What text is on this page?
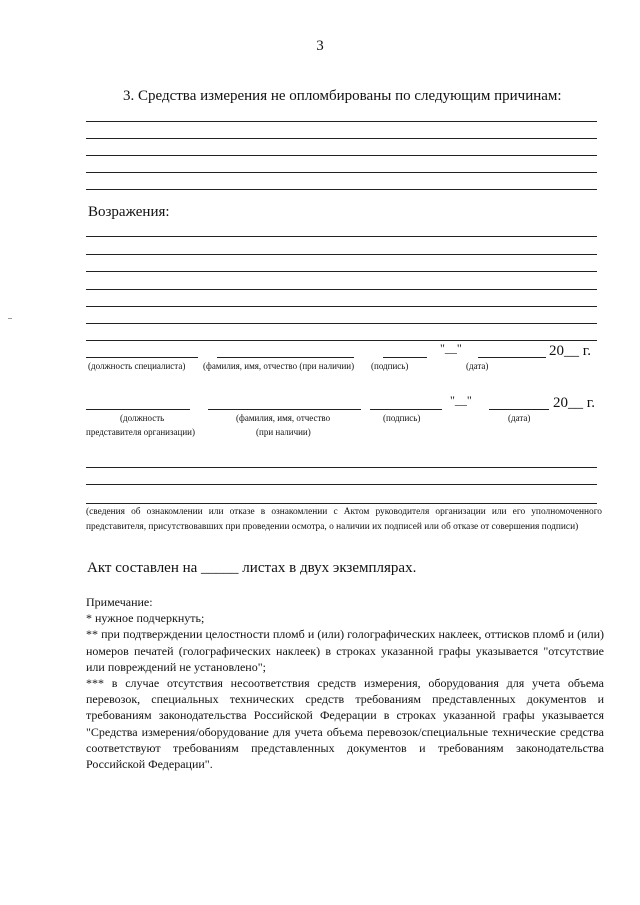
3
3. Средства измерения не опломбированы по следующим причинам:
Возражения:
"__"	20__ г.
(должность специалиста) (фамилия, имя, отчество (при наличии) (подпись)	(дата)
"__"	20__ г.
(должность
представителя организации)
(фамилия, имя, отчество
(при наличии)
(подпись)	(дата)
(сведения об ознакомлении или отказе в ознакомлении с Актом руководителя организации или его уполномоченного представителя, присутствовавших при проведении осмотра, о наличии их подписей или об отказе от совершения подписи)
Акт составлен на _____ листах в двух экземплярах.

Примечание:

* нужное подчеркнуть;

** при подтверждении целостности пломб и (или) голографических наклеек, оттисков пломб и (или) номеров печатей (голографических наклеек) в строках указанной графы указывается "отсутствие или повреждений не установлено";

*** в случае отсутствия несоответствия средств измерения, оборудования для учета объема перевозок, специальных технических средств требованиям представленных документов и требованиям законодательства Российской Федерации в строках указанной графы указывается "Средства измерения/оборудование для учета объема перевозок/специальные технические средства соответствуют требованиям представленных документов и требованиям законодательства Российской Федерации".
